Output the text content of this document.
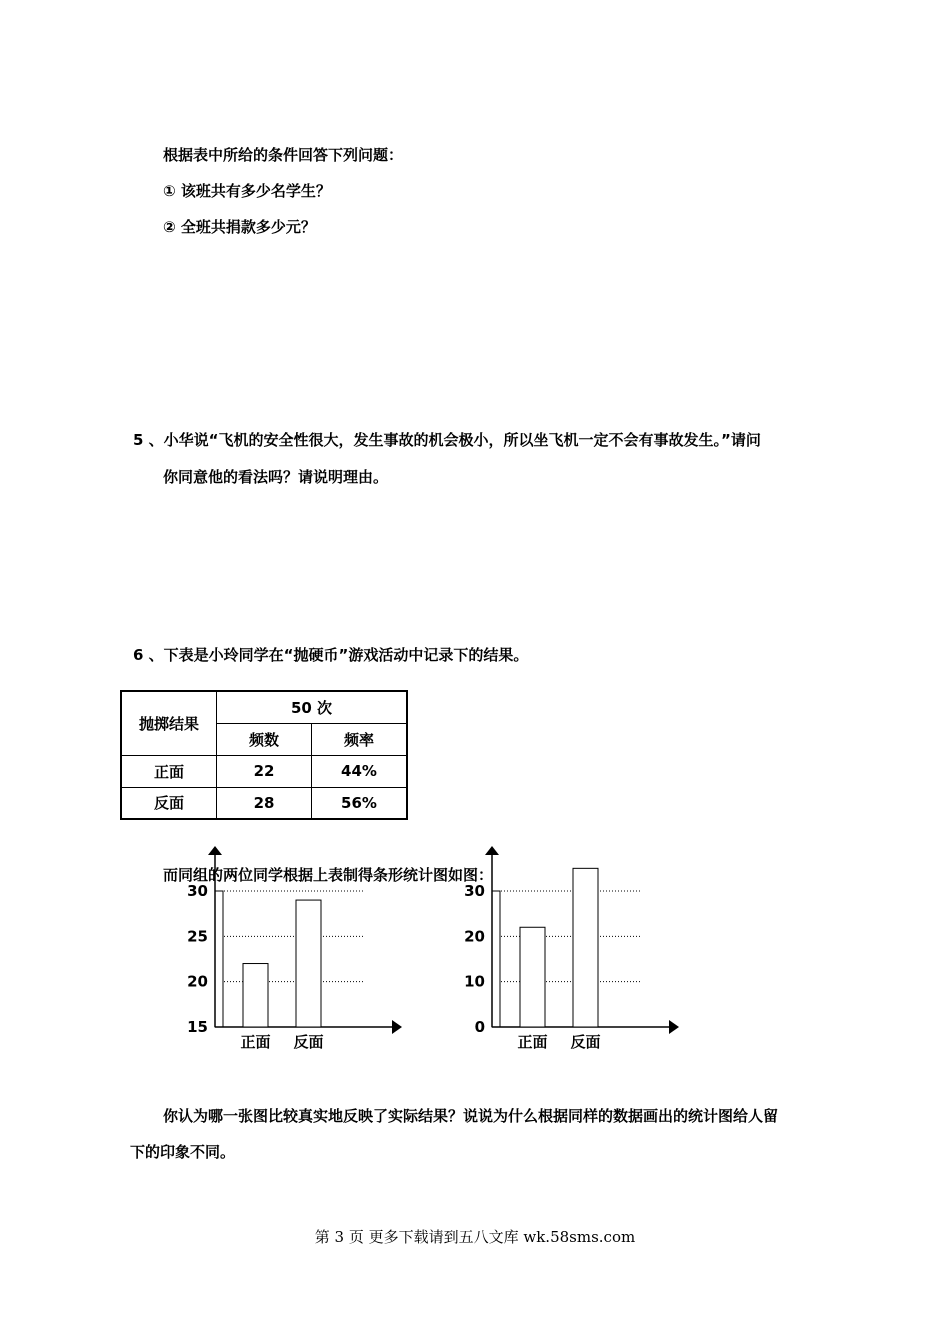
根据表中所给的条件回答下列问题：
① 该班共有多少名学生？
② 全班共捐款多少元？
5 、小华说“飞机的安全性很大，发生事故的机会极小，所以坐飞机一定不会有事故发生。”请问
你同意他的看法吗？请说明理由。
6 、下表是小玲同学在“抛硬币”游戏活动中记录下的结果。
抛掷结果	50 次	
	频数	频率
正面	22	44%
反面	28	56%
15
20
25
30
正面 反面
0
10
20
30
正面 反面
而同组的两位同学根据上表制得条形统计图如图：
你认为哪一张图比较真实地反映了实际结果？说说为什么根据同样的数据画出的统计图给人留
下的印象不同。
第 3 页 更多下载请到五八文库 wk.58sms.com
